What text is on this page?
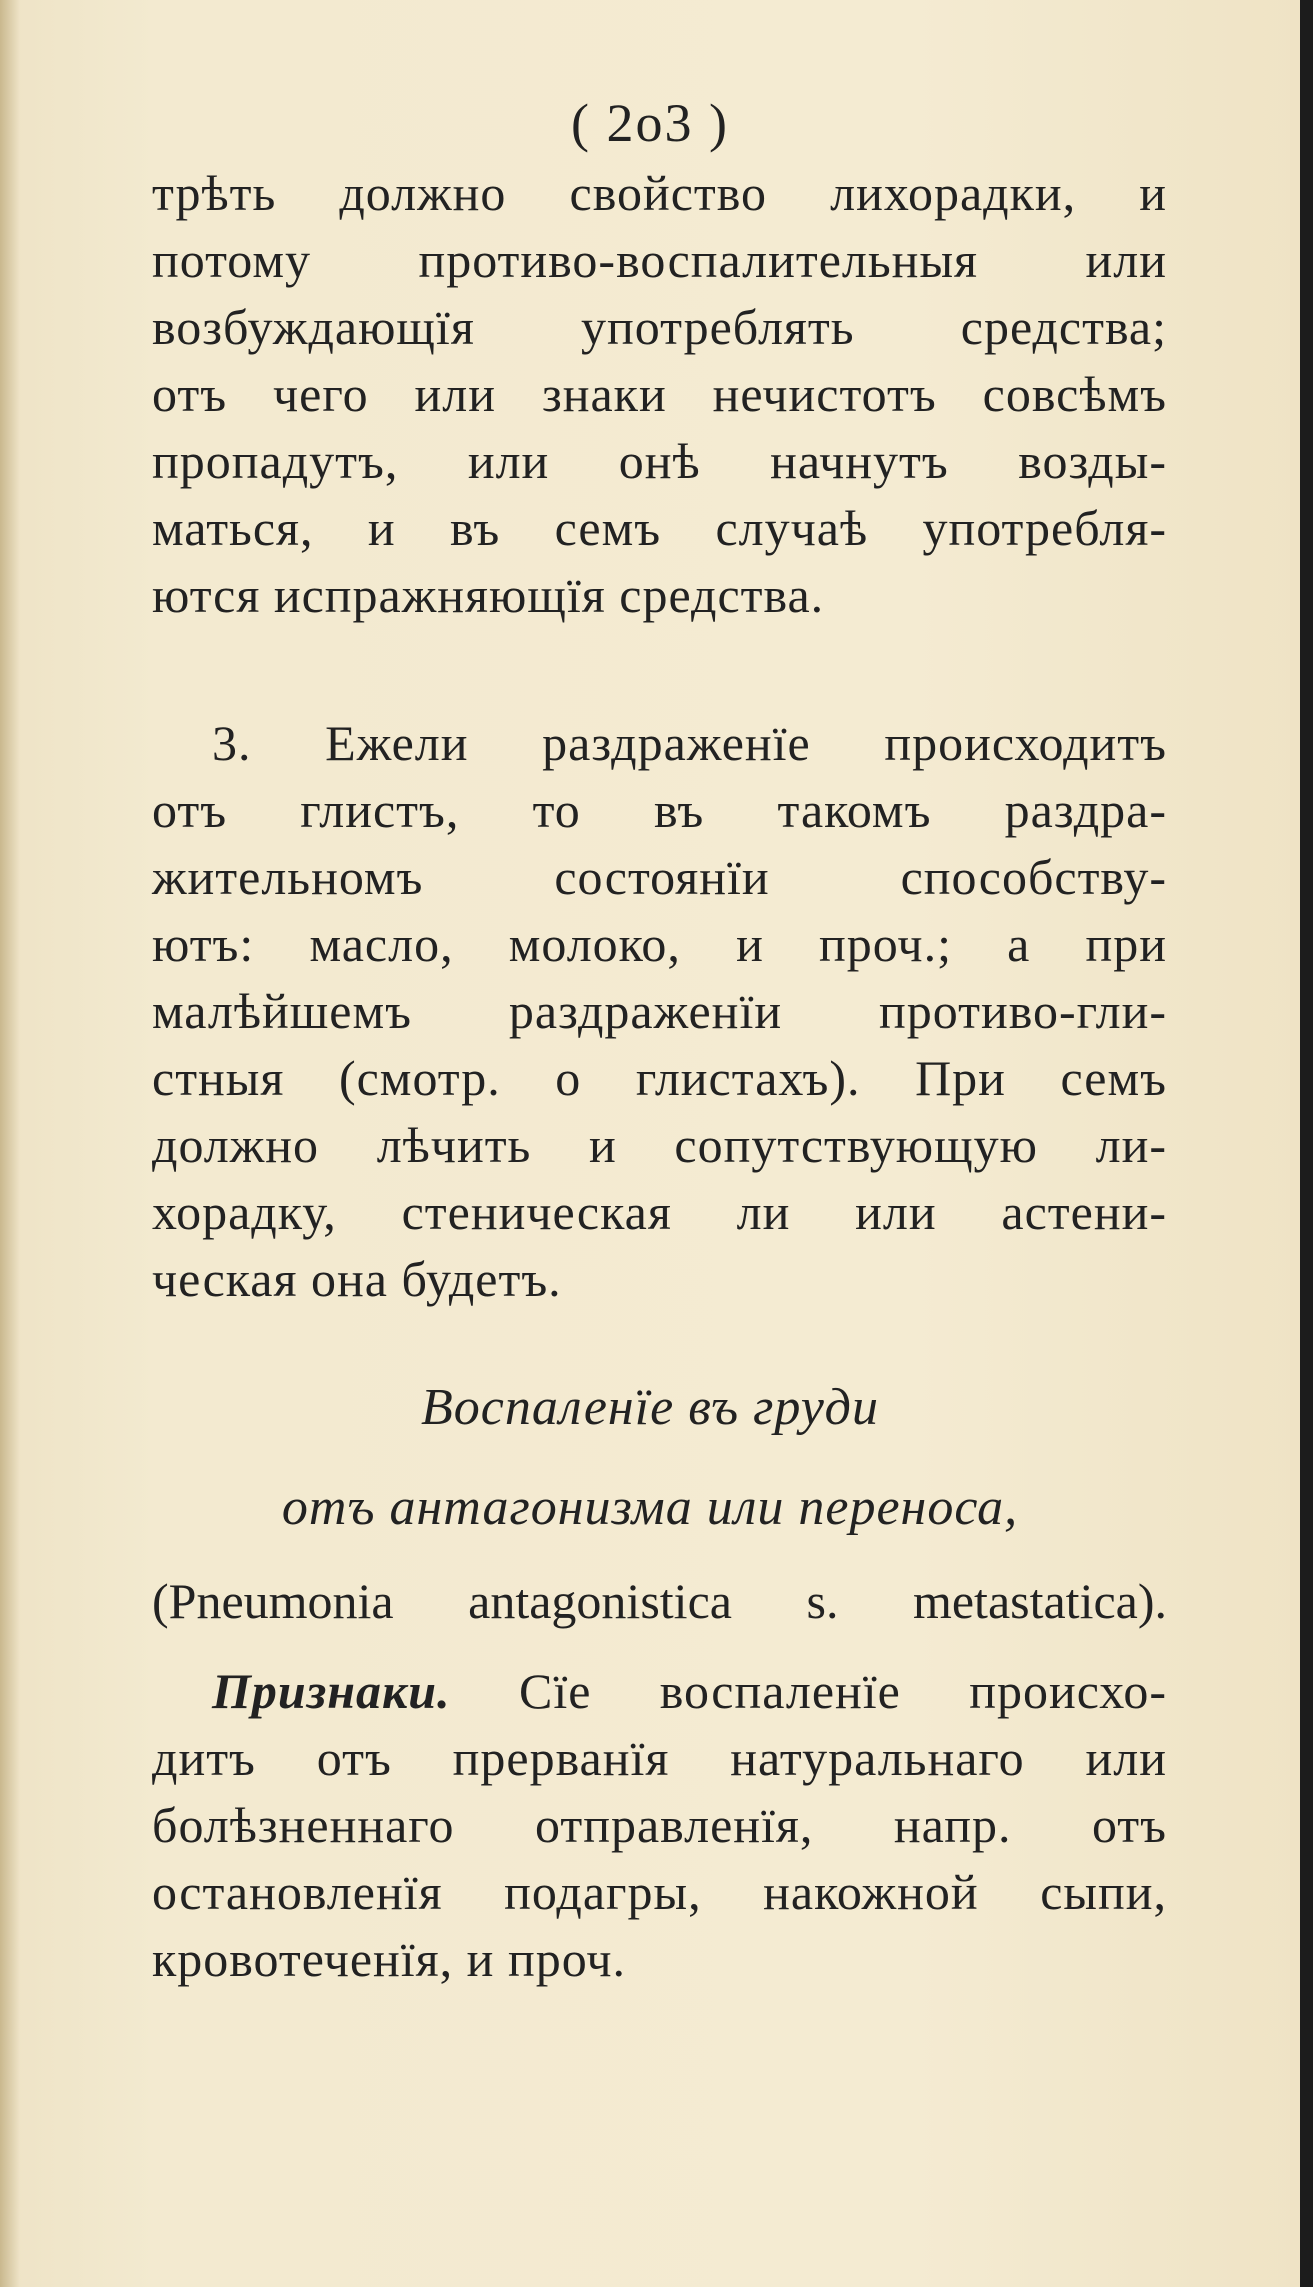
( 2о3 )
трѣть должно свойство лихорадки, и
потому противо-воспалительныя или
возбуждающїя употреблять средства;
отъ чего или знаки нечистотъ совсѣмъ
пропадутъ, или онѣ начнутъ возды-
маться, и въ семъ случаѣ употребля-
ются испражняющїя средства.
3. Ежели раздраженїе происходитъ
отъ глистъ, то въ такомъ раздра-
жительномъ состоянїи способству-
ютъ: масло, молоко, и проч.; а при
малѣйшемъ раздраженїи противо-гли-
стныя (смотр. о глистахъ). При семъ
должно лѣчить и сопутствующую ли-
хорадку, стеническая ли или астени-
ческая она будетъ.
Воспаленїе въ груди
отъ антагонизма или переноса,
(Pneumonia antagonistica s. metastatica).
Признаки. Сїе воспаленїе происхо-
дитъ отъ прерванїя натуральнаго или
болѣзненнаго отправленїя, напр. отъ
остановленїя подагры, накожной сыпи,
кровотеченїя, и проч.
